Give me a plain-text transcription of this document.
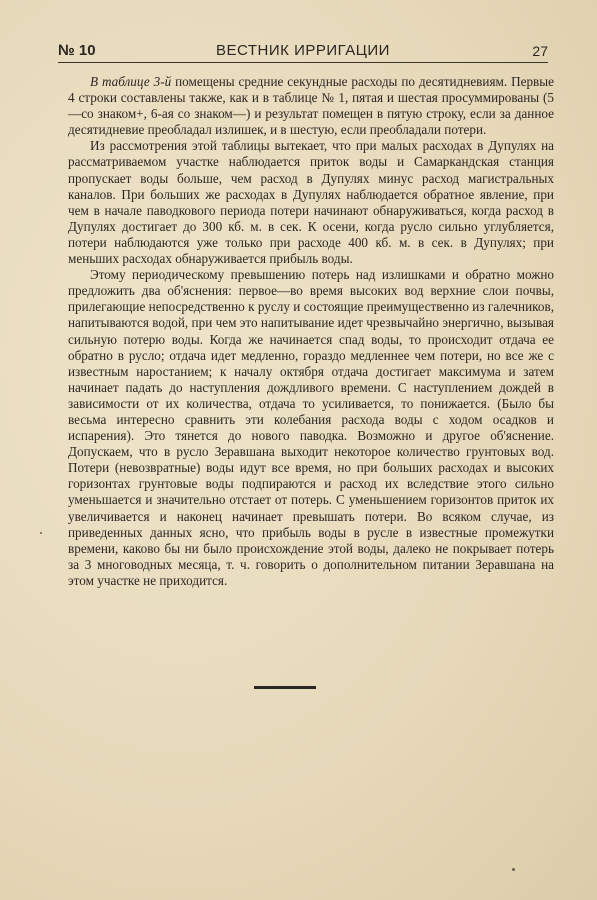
№ 10	ВЕСТНИК ИРРИГАЦИИ	27

В таблице 3-й помещены средние секундные расходы по десятидневиям. Первые 4 строки составлены также, как и в таблице № 1, пятая и шестая просуммированы (5—со знаком+, 6-ая со знаком—) и результат помещен в пятую строку, если за данное десятидневие преобладал излишек, и в шестую, если преобладали потери.

Из рассмотрения этой таблицы вытекает, что при малых расходах в Дупулях на рассматриваемом участке наблюдается приток воды и Самаркандская станция пропускает воды больше, чем расход в Дупулях минус расход магистральных каналов. При больших же расходах в Дупулях наблюдается обратное явление, при чем в начале паводкового периода потери начинают обнаруживаться, когда расход в Дупулях достигает до 300 кб. м. в сек. К осени, когда русло сильно углубляется, потери наблюдаются уже только при расходе 400 кб. м. в сек. в Дупулях; при меньших расходах обнаруживается прибыль воды.

Этому периодическому превышению потерь над излишками и обратно можно предложить два об'яснения: первое—во время высоких вод верхние слои почвы, прилегающие непосредственно к руслу и состоящие преимущественно из галечников, напитываются водой, при чем это напитывание идет чрезвычайно энергично, вызывая сильную потерю воды. Когда же начинается спад воды, то происходит отдача ее обратно в русло; отдача идет медленно, гораздо медленнее чем потери, но все же с известным наростанием; к началу октября отдача достигает максимума и затем начинает падать до наступления дождливого времени. С наступлением дождей в зависимости от их количества, отдача то усиливается, то понижается. (Было бы весьма интересно сравнить эти колебания расхода воды с ходом осадков и испарения). Это тянется до нового паводка. Возможно и другое об'яснение. Допускаем, что в русло Зеравшана выходит некоторое количество грунтовых вод. Потери (невозвратные) воды идут все время, но при больших расходах и высоких горизонтах грунтовые воды подпираются и расход их вследствие этого сильно уменьшается и значительно отстает от потерь. С уменьшением горизонтов приток их увеличивается и наконец начинает превышать потери. Во всяком случае, из приведенных данных ясно, что прибыль воды в русле в известные промежутки времени, каково бы ни было происхождение этой воды, далеко не покрывает потерь за 3 многоводных месяца, т. ч. говорить о дополнительном питании Зеравшана на этом участке не приходится.
